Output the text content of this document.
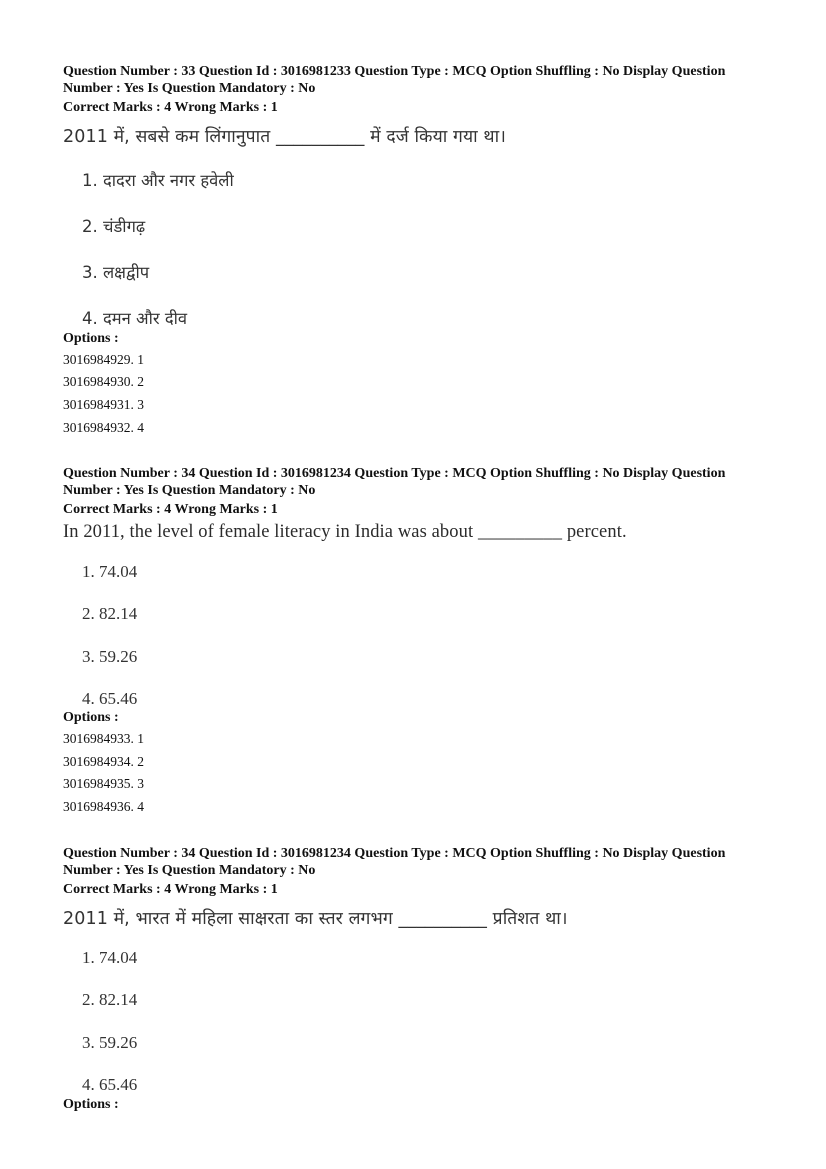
Question Number : 33 Question Id : 3016981233 Question Type : MCQ Option Shuffling : No Display Question

Number : Yes Is Question Mandatory : No

Correct Marks : 4 Wrong Marks : 1

2011 में, सबसे कम लिंगानुपात __________ में दर्ज किया गया था।
1. दादरा और नगर हवेली
2. चंडीगढ़
3. लक्षद्वीप
4. दमन और दीव
Options :
3016984929. 1
3016984930. 2
3016984931. 3
3016984932. 4

Question Number : 34 Question Id : 3016981234 Question Type : MCQ Option Shuffling : No Display Question

Number : Yes Is Question Mandatory : No

Correct Marks : 4 Wrong Marks : 1

In 2011, the level of female literacy in India was about _________ percent.
1. 74.04
2. 82.14
3. 59.26
4. 65.46
Options :
3016984933. 1
3016984934. 2
3016984935. 3
3016984936. 4

Question Number : 34 Question Id : 3016981234 Question Type : MCQ Option Shuffling : No Display Question

Number : Yes Is Question Mandatory : No

Correct Marks : 4 Wrong Marks : 1

2011 में, भारत में महिला साक्षरता का स्तर लगभग __________ प्रतिशत था।
1. 74.04
2. 82.14
3. 59.26
4. 65.46
Options :
